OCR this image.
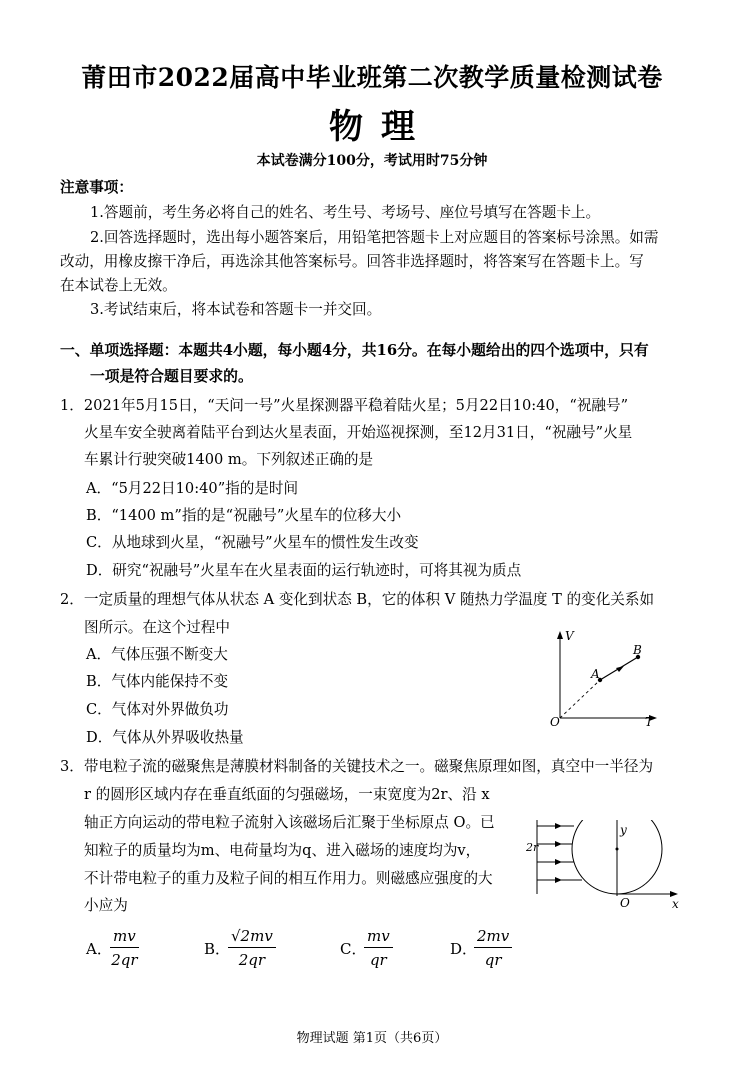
莆田市2022届高中毕业班第二次教学质量检测试卷
物理
本试卷满分100分，考试用时75分钟
注意事项：
1.答题前，考生务必将自己的姓名、考生号、考场号、座位号填写在答题卡上。
2.回答选择题时，选出每小题答案后，用铅笔把答题卡上对应题目的答案标号涂黑。如需
改动，用橡皮擦干净后，再选涂其他答案标号。回答非选择题时，将答案写在答题卡上。写
在本试卷上无效。
3.考试结束后，将本试卷和答题卡一并交回。
一、单项选择题：本题共4小题，每小题4分，共16分。在每小题给出的四个选项中，只有
一项是符合题目要求的。
1．2021年5月15日，“天问一号”火星探测器平稳着陆火星；5月22日10:40，“祝融号”
火星车安全驶离着陆平台到达火星表面，开始巡视探测，至12月31日，“祝融号”火星
车累计行驶突破1400 m。下列叙述正确的是
A．“5月22日10:40”指的是时间
B．“1400 m”指的是“祝融号”火星车的位移大小
C．从地球到火星，“祝融号”火星车的惯性发生改变
D．研究“祝融号”火星车在火星表面的运行轨迹时，可将其视为质点
2．一定质量的理想气体从状态 A 变化到状态 B，它的体积 V 随热力学温度 T 的变化关系如
图所示。在这个过程中
A．气体压强不断变大
B．气体内能保持不变
C．气体对外界做负功
D．气体从外界吸收热量
V
T
O
A
B
3．带电粒子流的磁聚焦是薄膜材料制备的关键技术之一。磁聚焦原理如图，真空中一半径为
r 的圆形区域内存在垂直纸面的匀强磁场，一束宽度为2r、沿 x
轴正方向运动的带电粒子流射入该磁场后汇聚于坐标原点 O。已
知粒子的质量均为m、电荷量均为q、进入磁场的速度均为v，
不计带电粒子的重力及粒子间的相互作用力。则磁感应强度的大
小应为
2r
O	x
y
A．
$\frac{mv}{2qr}$	B．
$\frac{√2mv}{2qr}$	C．
$\frac{mv}{qr}$	D．
$\frac{2mv}{qr}$
物理试题 第1页（共6页）
